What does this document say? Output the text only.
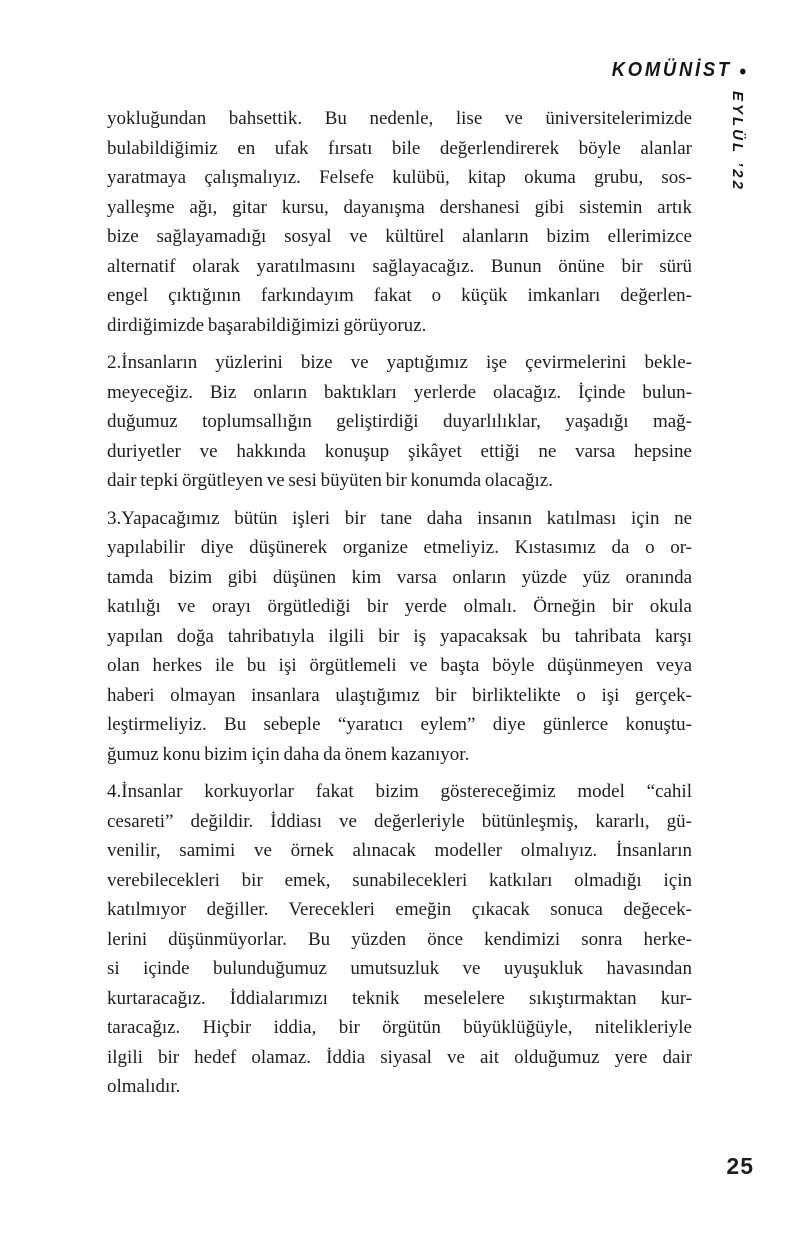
KOMÜNİST •
EYLÜL ’22
yokluğundan bahsettik. Bu nedenle, lise ve üniversitelerimizde
bulabildiğimiz en ufak fırsatı bile değerlendirerek böyle alanlar
yaratmaya çalışmalıyız. Felsefe kulübü, kitap okuma grubu, sos-
yalleşme ağı, gitar kursu, dayanışma dershanesi gibi sistemin artık
bize sağlayamadığı sosyal ve kültürel alanların bizim ellerimizce
alternatif olarak yaratılmasını sağlayacağız. Bunun önüne bir sürü
engel çıktığının farkındayım fakat o küçük imkanları değerlen-
dirdiğimizde başarabildiğimizi görüyoruz.
2.İnsanların yüzlerini bize ve yaptığımız işe çevirmelerini bekle-
meyeceğiz. Biz onların baktıkları yerlerde olacağız. İçinde bulun-
duğumuz toplumsallığın geliştirdiği duyarlılıklar, yaşadığı mağ-
duriyetler ve hakkında konuşup şikâyet ettiği ne varsa hepsine
dair tepki örgütleyen ve sesi büyüten bir konumda olacağız.
3.Yapacağımız bütün işleri bir tane daha insanın katılması için ne
yapılabilir diye düşünerek organize etmeliyiz. Kıstasımız da o or-
tamda bizim gibi düşünen kim varsa onların yüzde yüz oranında
katılığı ve orayı örgütlediği bir yerde olmalı. Örneğin bir okula
yapılan doğa tahribatıyla ilgili bir iş yapacaksak bu tahribata karşı
olan herkes ile bu işi örgütlemeli ve başta böyle düşünmeyen veya
haberi olmayan insanlara ulaştığımız bir birliktelikte o işi gerçek-
leştirmeliyiz. Bu sebeple “yaratıcı eylem” diye günlerce konuştu-
ğumuz konu bizim için daha da önem kazanıyor.
4.İnsanlar korkuyorlar fakat bizim göstereceğimiz model “cahil
cesareti” değildir. İddiası ve değerleriyle bütünleşmiş, kararlı, gü-
venilir, samimi ve örnek alınacak modeller olmalıyız. İnsanların
verebilecekleri bir emek, sunabilecekleri katkıları olmadığı için
katılmıyor değiller. Verecekleri emeğin çıkacak sonuca değecek-
lerini düşünmüyorlar. Bu yüzden önce kendimizi sonra herke-
si içinde bulunduğumuz umutsuzluk ve uyuşukluk havasından
kurtaracağız. İddialarımızı teknik meselelere sıkıştırmaktan kur-
taracağız. Hiçbir iddia, bir örgütün büyüklüğüyle, nitelikleriyle
ilgili bir hedef olamaz. İddia siyasal ve ait olduğumuz yere dair
olmalıdır.
25
